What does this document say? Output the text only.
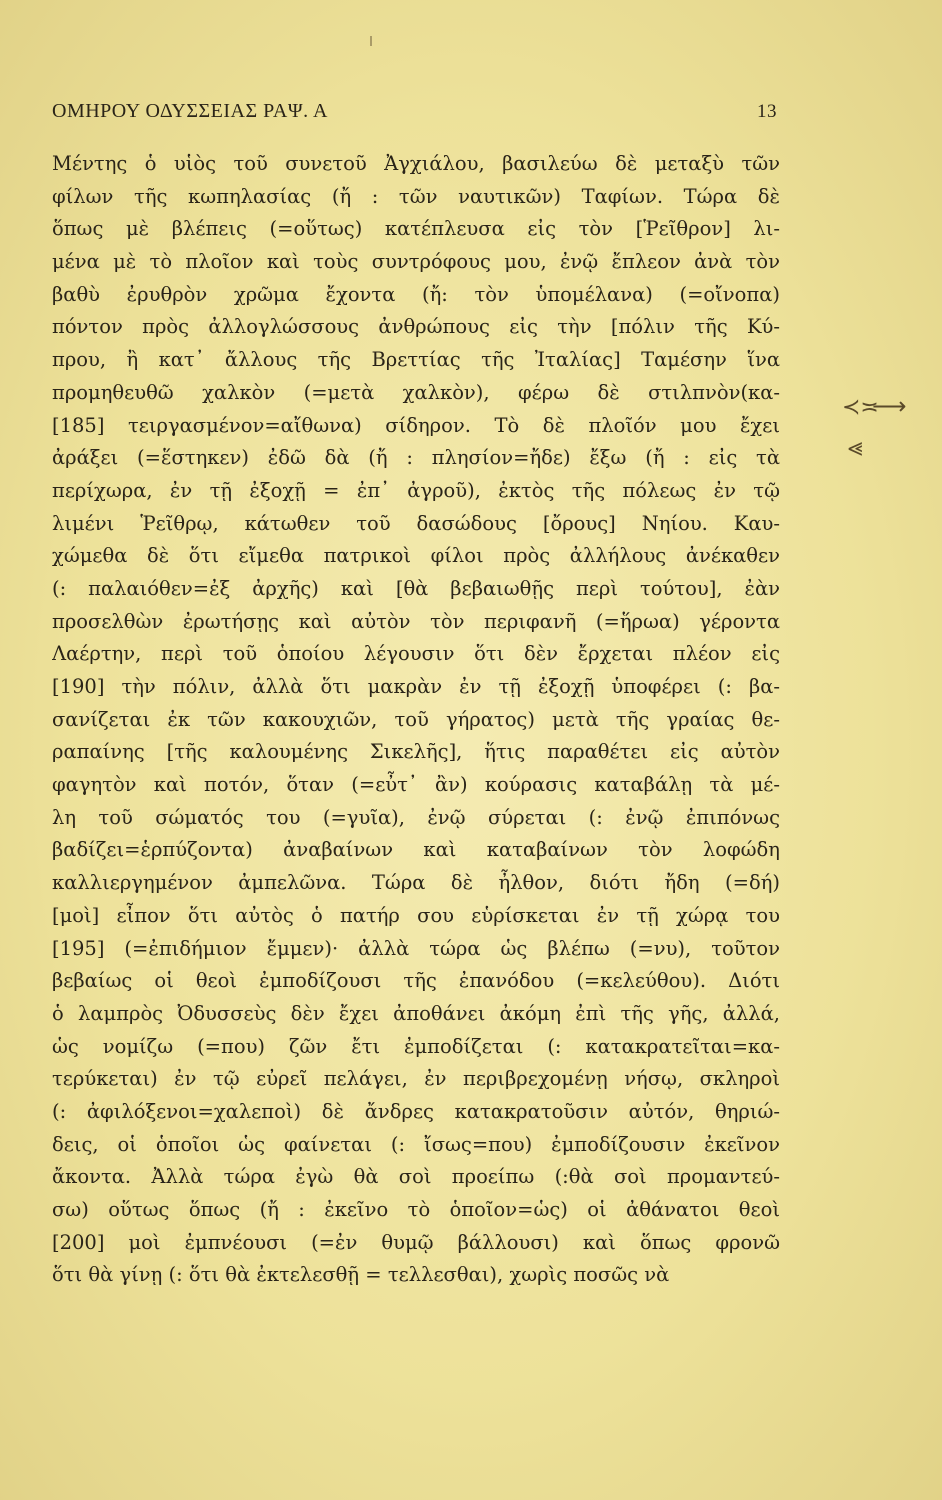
ΟΜΗΡΟΥ ΟΔΥΣΣΕΙΑΣ ΡΑΨ. Α	13
Μέντης ὁ υἱὸς τοῦ συνετοῦ Ἀγχιάλου, βασιλεύω δὲ μεταξὺ τῶν
φίλων τῆς κωπηλασίας (ἤ : τῶν ναυτικῶν) Ταφίων. Τώρα δὲ
ὅπως μὲ βλέπεις (=οὕτως) κατέπλευσα εἰς τὸν [Ῥεῖθρον] λι-
μένα μὲ τὸ πλοῖον καὶ τοὺς συντρόφους μου, ἐνῷ ἔπλεον ἀνὰ τὸν
βαθὺ ἐρυθρὸν χρῶμα ἔχοντα (ἤ: τὸν ὑπομέλανα) (=οἴνοπα)
πόντον πρὸς ἀλλογλώσσους ἀνθρώπους εἰς τὴν [πόλιν τῆς Κύ-
πρου, ἢ κατ᾽ ἄλλους τῆς Βρεττίας τῆς Ἰταλίας] Ταμέσην ἵνα
προμηθευθῶ χαλκὸν (=μετὰ χαλκὸν), φέρω δὲ στιλπνὸν(κα-
[185] τειργασμένον=αἴθωνα) σίδηρον. Τὸ δὲ πλοῖόν μου ἔχει
ἀράξει (=ἕστηκεν) ἐδῶ δὰ (ἤ : πλησίον=ἤδε) ἔξω (ἤ : εἰς τὰ
περίχωρα, ἐν τῇ ἐξοχῇ = ἐπ᾽ ἀγροῦ), ἐκτὸς τῆς πόλεως ἐν τῷ
λιμένι Ῥεῖθρῳ, κάτωθεν τοῦ δασώδους [ὄρους] Νηίου. Καυ-
χώμεθα δὲ ὅτι εἴμεθα πατρικοὶ φίλοι πρὸς ἀλλήλους ἀνέκαθεν
(: παλαιόθεν=ἐξ ἀρχῆς) καὶ [θὰ βεβαιωθῇς περὶ τούτου], ἐὰν
προσελθὼν ἐρωτήσῃς καὶ αὐτὸν τὸν περιφανῆ (=ἥρωα) γέροντα
Λαέρτην, περὶ τοῦ ὁποίου λέγουσιν ὅτι δὲν ἔρχεται πλέον εἰς
[190] τὴν πόλιν, ἀλλὰ ὅτι μακρὰν ἐν τῇ ἐξοχῇ ὑποφέρει (: βα-
σανίζεται ἐκ τῶν κακουχιῶν, τοῦ γήρατος) μετὰ τῆς γραίας θε-
ραπαίνης [τῆς καλουμένης Σικελῆς], ἥτις παραθέτει εἰς αὐτὸν
φαγητὸν καὶ ποτόν, ὅταν (=εὖτ᾽ ἂν) κούρασις καταβάλῃ τὰ μέ-
λη τοῦ σώματός του (=γυῖα), ἐνῷ σύρεται (: ἐνῷ ἐπιπόνως
βαδίζει=ἑρπύζοντα) ἀναβαίνων καὶ καταβαίνων τὸν λοφώδη
καλλιεργημένον ἀμπελῶνα. Τώρα δὲ ἦλθον, διότι ἤδη (=δή)
[μοὶ] εἶπον ὅτι αὐτὸς ὁ πατήρ σου εὑρίσκεται ἐν τῇ χώρᾳ του
[195] (=ἐπιδήμιον ἔμμεν)· ἀλλὰ τώρα ὡς βλέπω (=νυ), τοῦτον
βεβαίως οἱ θεοὶ ἐμποδίζουσι τῆς ἐπανόδου (=κελεύθου). Διότι
ὁ λαμπρὸς Ὀδυσσεὺς δὲν ἔχει ἀποθάνει ἀκόμη ἐπὶ τῆς γῆς, ἀλλά,
ὡς νομίζω (=που) ζῶν ἔτι ἐμποδίζεται (: κατακρατεῖται=κα-
τερύκεται) ἐν τῷ εὐρεῖ πελάγει, ἐν περιβρεχομένῃ νήσῳ, σκληροὶ
(: ἀφιλόξενοι=χαλεποὶ) δὲ ἄνδρες κατακρατοῦσιν αὐτόν, θηριώ-
δεις, οἱ ὁποῖοι ὡς φαίνεται (: ἴσως=που) ἐμποδίζουσιν ἐκεῖνον
ἄκοντα. Ἀλλὰ τώρα ἐγὼ θὰ σοὶ προείπω (:θὰ σοὶ προμαντεύ-
σω) οὕτως ὅπως (ἤ : ἐκεῖνο τὸ ὁποῖον=ὡς) οἱ ἀθάνατοι θεοὶ
[200] μοὶ ἐμπνέουσι (=ἐν θυμῷ βάλλουσι) καὶ ὅπως φρονῶ
ὅτι θὰ γίνῃ (: ὅτι θὰ ἐκτελεσθῇ = τελλεσθαι), χωρὶς ποσῶς νὰ
≺≍
⟶
⪡
